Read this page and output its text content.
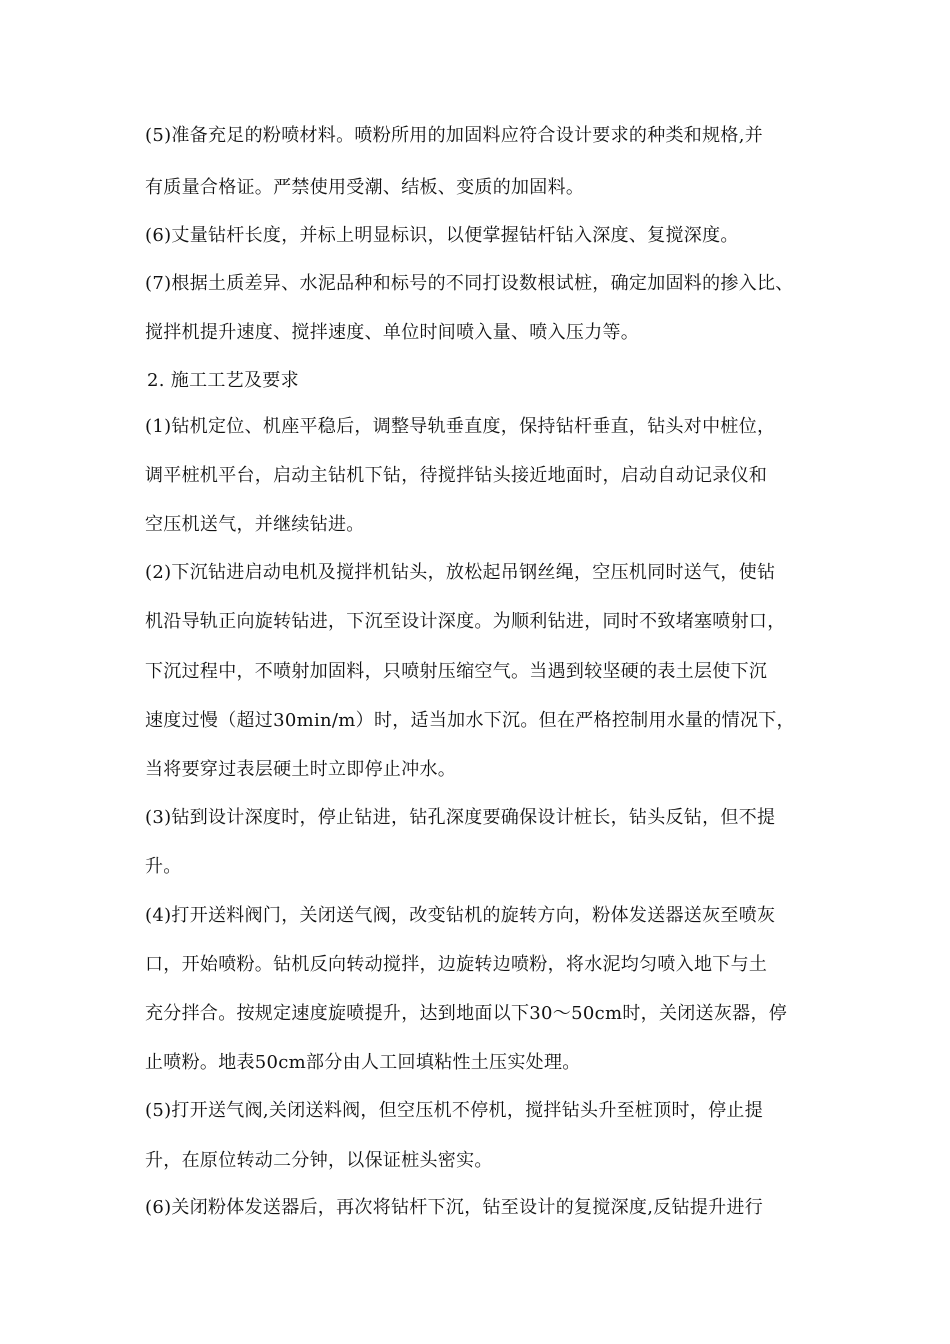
(5)准备充足的粉喷材料。喷粉所用的加固料应符合设计要求的种类和规格,并
有质量合格证。严禁使用受潮、结板、变质的加固料。
(6)丈量钻杆长度，并标上明显标识，以便掌握钻杆钻入深度、复搅深度。
(7)根据土质差异、水泥品种和标号的不同打设数根试桩，确定加固料的掺入比、
搅拌机提升速度、搅拌速度、单位时间喷入量、喷入压力等。
2. 施工工艺及要求
(1)钻机定位、机座平稳后，调整导轨垂直度，保持钻杆垂直，钻头对中桩位，
调平桩机平台，启动主钻机下钻，待搅拌钻头接近地面时，启动自动记录仪和
空压机送气，并继续钻进。
(2)下沉钻进启动电机及搅拌机钻头，放松起吊钢丝绳，空压机同时送气，使钻
机沿导轨正向旋转钻进，下沉至设计深度。为顺利钻进，同时不致堵塞喷射口，
下沉过程中，不喷射加固料，只喷射压缩空气。当遇到较坚硬的表土层使下沉
速度过慢（超过30min/m）时，适当加水下沉。但在严格控制用水量的情况下，
当将要穿过表层硬土时立即停止冲水。
(3)钻到设计深度时，停止钻进，钻孔深度要确保设计桩长，钻头反钻，但不提
升。
(4)打开送料阀门，关闭送气阀，改变钻机的旋转方向，粉体发送器送灰至喷灰
口，开始喷粉。钻机反向转动搅拌，边旋转边喷粉，将水泥均匀喷入地下与土
充分拌合。按规定速度旋喷提升，达到地面以下30～50cm时，关闭送灰器，停
止喷粉。地表50cm部分由人工回填粘性土压实处理。
(5)打开送气阀,关闭送料阀，但空压机不停机，搅拌钻头升至桩顶时，停止提
升，在原位转动二分钟，以保证桩头密实。
(6)关闭粉体发送器后，再次将钻杆下沉，钻至设计的复搅深度,反钻提升进行
